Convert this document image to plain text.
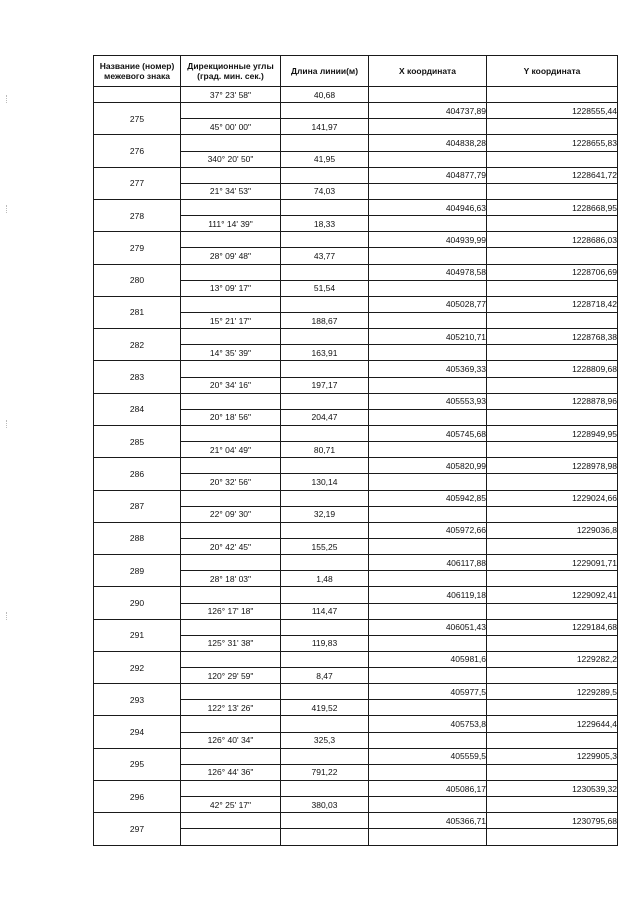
Название (номер) межевого знака	Дирекционные углы (град. мин. сек.)	Длина линии(м)	X координата	Y координата
	37° 23' 58"	40,68		
275			404737,89	1228555,44
	45° 00' 00"	141,97		
276			404838,28	1228655,83
	340° 20' 50"	41,95		
277			404877,79	1228641,72
	21° 34' 53"	74,03		
278			404946,63	1228668,95
	111° 14' 39"	18,33		
279			404939,99	1228686,03
	28° 09' 48"	43,77		
280			404978,58	1228706,69
	13° 09' 17"	51,54		
281			405028,77	1228718,42
	15° 21' 17"	188,67		
282			405210,71	1228768,38
	14° 35' 39"	163,91		
283			405369,33	1228809,68
	20° 34' 16"	197,17		
284			405553,93	1228878,96
	20° 18' 56"	204,47		
285			405745,68	1228949,95
	21° 04' 49"	80,71		
286			405820,99	1228978,98
	20° 32' 56"	130,14		
287			405942,85	1229024,66
	22° 09' 30"	32,19		
288			405972,66	1229036,8
	20° 42' 45"	155,25		
289			406117,88	1229091,71
	28° 18' 03"	1,48		
290			406119,18	1229092,41
	126° 17' 18"	114,47		
291			406051,43	1229184,68
	125° 31' 38"	119,83		
292			405981,6	1229282,2
	120° 29' 59"	8,47		
293			405977,5	1229289,5
	122° 13' 26"	419,52		
294			405753,8	1229644,4
	126° 40' 34"	325,3		
295			405559,5	1229905,3
	126° 44' 36"	791,22		
296			405086,17	1230539,32
	42° 25' 17"	380,03		
297			405366,71	1230795,68
